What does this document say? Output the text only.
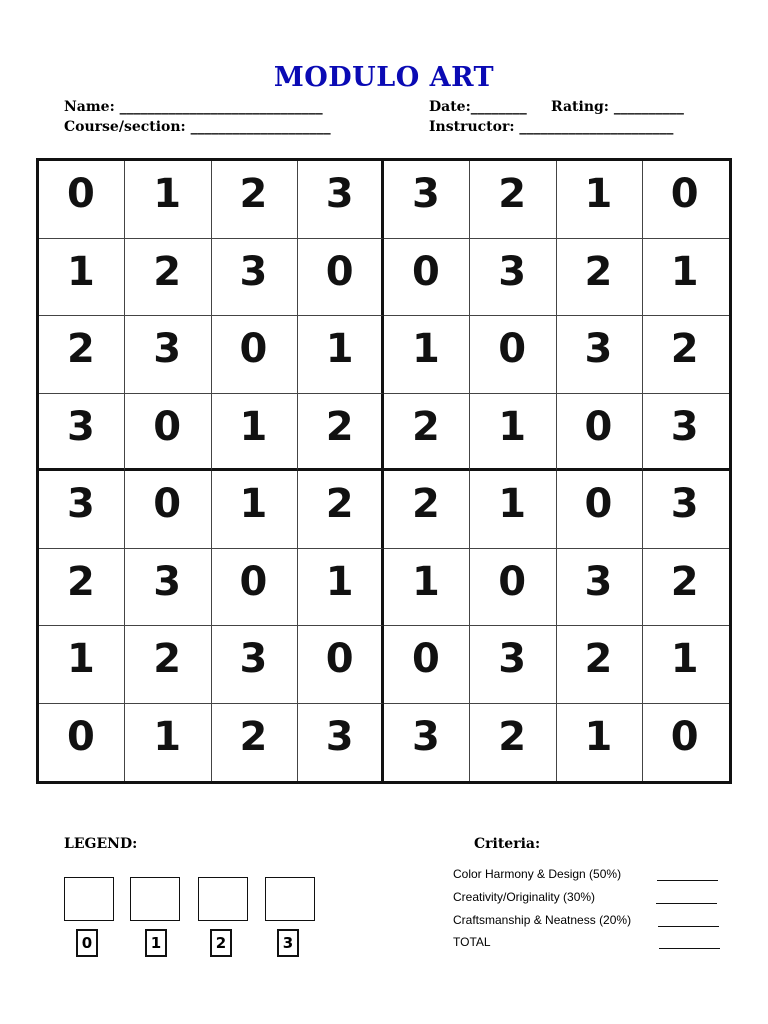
MODULO ART
Name: _____________________________	Date:________ Rating: __________
Course/section: ____________________	Instructor: ______________________
0 1 2 3 3 2 1 0
1 2 3 0 0 3 2 1
2 3 0 1 1 0 3 2
3 0 1 2 2 1 0 3
3 0 1 2 2 1 0 3
2 3 0 1 1 0 3 2
1 2 3 0 0 3 2 1
0 1 2 3 3 2 1 0
LEGEND:
0	1	2	3
Criteria:
Color Harmony & Design (50%)
Creativity/Originality (30%)
Craftsmanship & Neatness (20%)
TOTAL
